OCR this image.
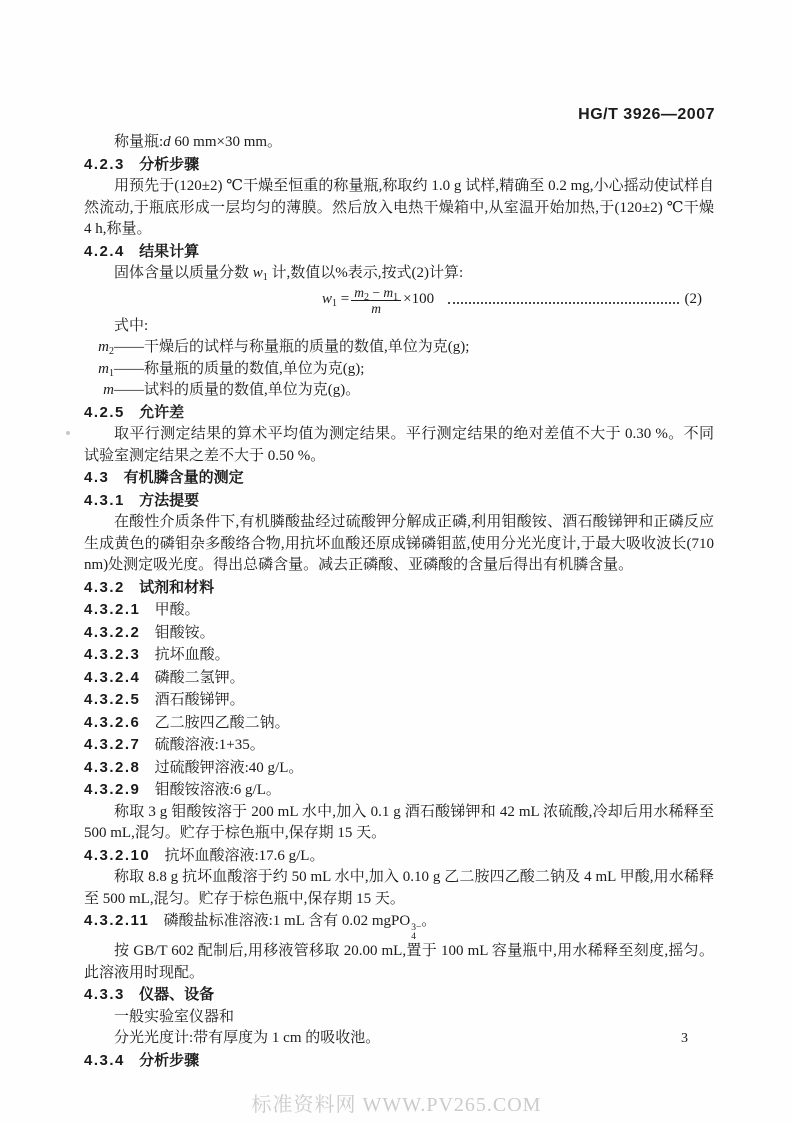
HG/T 3926—2007
称量瓶:d 60 mm×30 mm。
4.2.3 分析步骤
用预先于(120±2) ℃干燥至恒重的称量瓶,称取约 1.0 g 试样,精确至 0.2 mg,小心摇动使试样自然流动,于瓶底形成一层均匀的薄膜。然后放入电热干燥箱中,从室温开始加热,于(120±2) ℃干燥 4 h,称量。
4.2.4 结果计算
固体含量以质量分数 $w_1$ 计,数值以%表示,按式(2)计算:
$w_1 = \frac{m_2 - m_1}{m} \times 100$	(2)
式中:
$m_2——$干燥后的试样与称量瓶的质量的数值,单位为克(g);
$m_1——$称量瓶的质量的数值,单位为克(g);
m——试料的质量的数值,单位为克(g)。
4.2.5 允许差
取平行测定结果的算术平均值为测定结果。平行测定结果的绝对差值不大于 0.30 %。不同试验室测定结果之差不大于 0.50 %。
4.3 有机膦含量的测定
4.3.1 方法提要
在酸性介质条件下,有机膦酸盐经过硫酸钾分解成正磷,利用钼酸铵、酒石酸锑钾和正磷反应生成黄色的磷钼杂多酸络合物,用抗坏血酸还原成锑磷钼蓝,使用分光光度计,于最大吸收波长(710 nm)处测定吸光度。得出总磷含量。减去正磷酸、亚磷酸的含量后得出有机膦含量。
4.3.2 试剂和材料
4.3.2.1 甲酸。
4.3.2.2 钼酸铵。
4.3.2.3 抗坏血酸。
4.3.2.4 磷酸二氢钾。
4.3.2.5 酒石酸锑钾。
4.3.2.6 乙二胺四乙酸二钠。
4.3.2.7 硫酸溶液:1+35。
4.3.2.8 过硫酸钾溶液:40 g/L。
4.3.2.9 钼酸铵溶液:6 g/L。
称取 3 g 钼酸铵溶于 200 mL 水中,加入 0.1 g 酒石酸锑钾和 42 mL 浓硫酸,冷却后用水稀释至 500 mL,混匀。贮存于棕色瓶中,保存期 15 天。
4.3.2.10 抗坏血酸溶液:17.6 g/L。
称取 8.8 g 抗坏血酸溶于约 50 mL 水中,加入 0.10 g 乙二胺四乙酸二钠及 4 mL 甲酸,用水稀释至 500 mL,混匀。贮存于棕色瓶中,保存期 15 天。
4.3.2.11 磷酸盐标准溶液:1 mL 含有 0.02 mgPO 3−
4
。
按 GB/T 602 配制后,用移液管移取 20.00 mL,置于 100 mL 容量瓶中,用水稀释至刻度,摇匀。此溶液用时现配。
4.3.3 仪器、设备
一般实验室仪器和
分光光度计:带有厚度为 1 cm 的吸收池。
4.3.4 分析步骤
3
标准资料网 WWW.PV265.COM
